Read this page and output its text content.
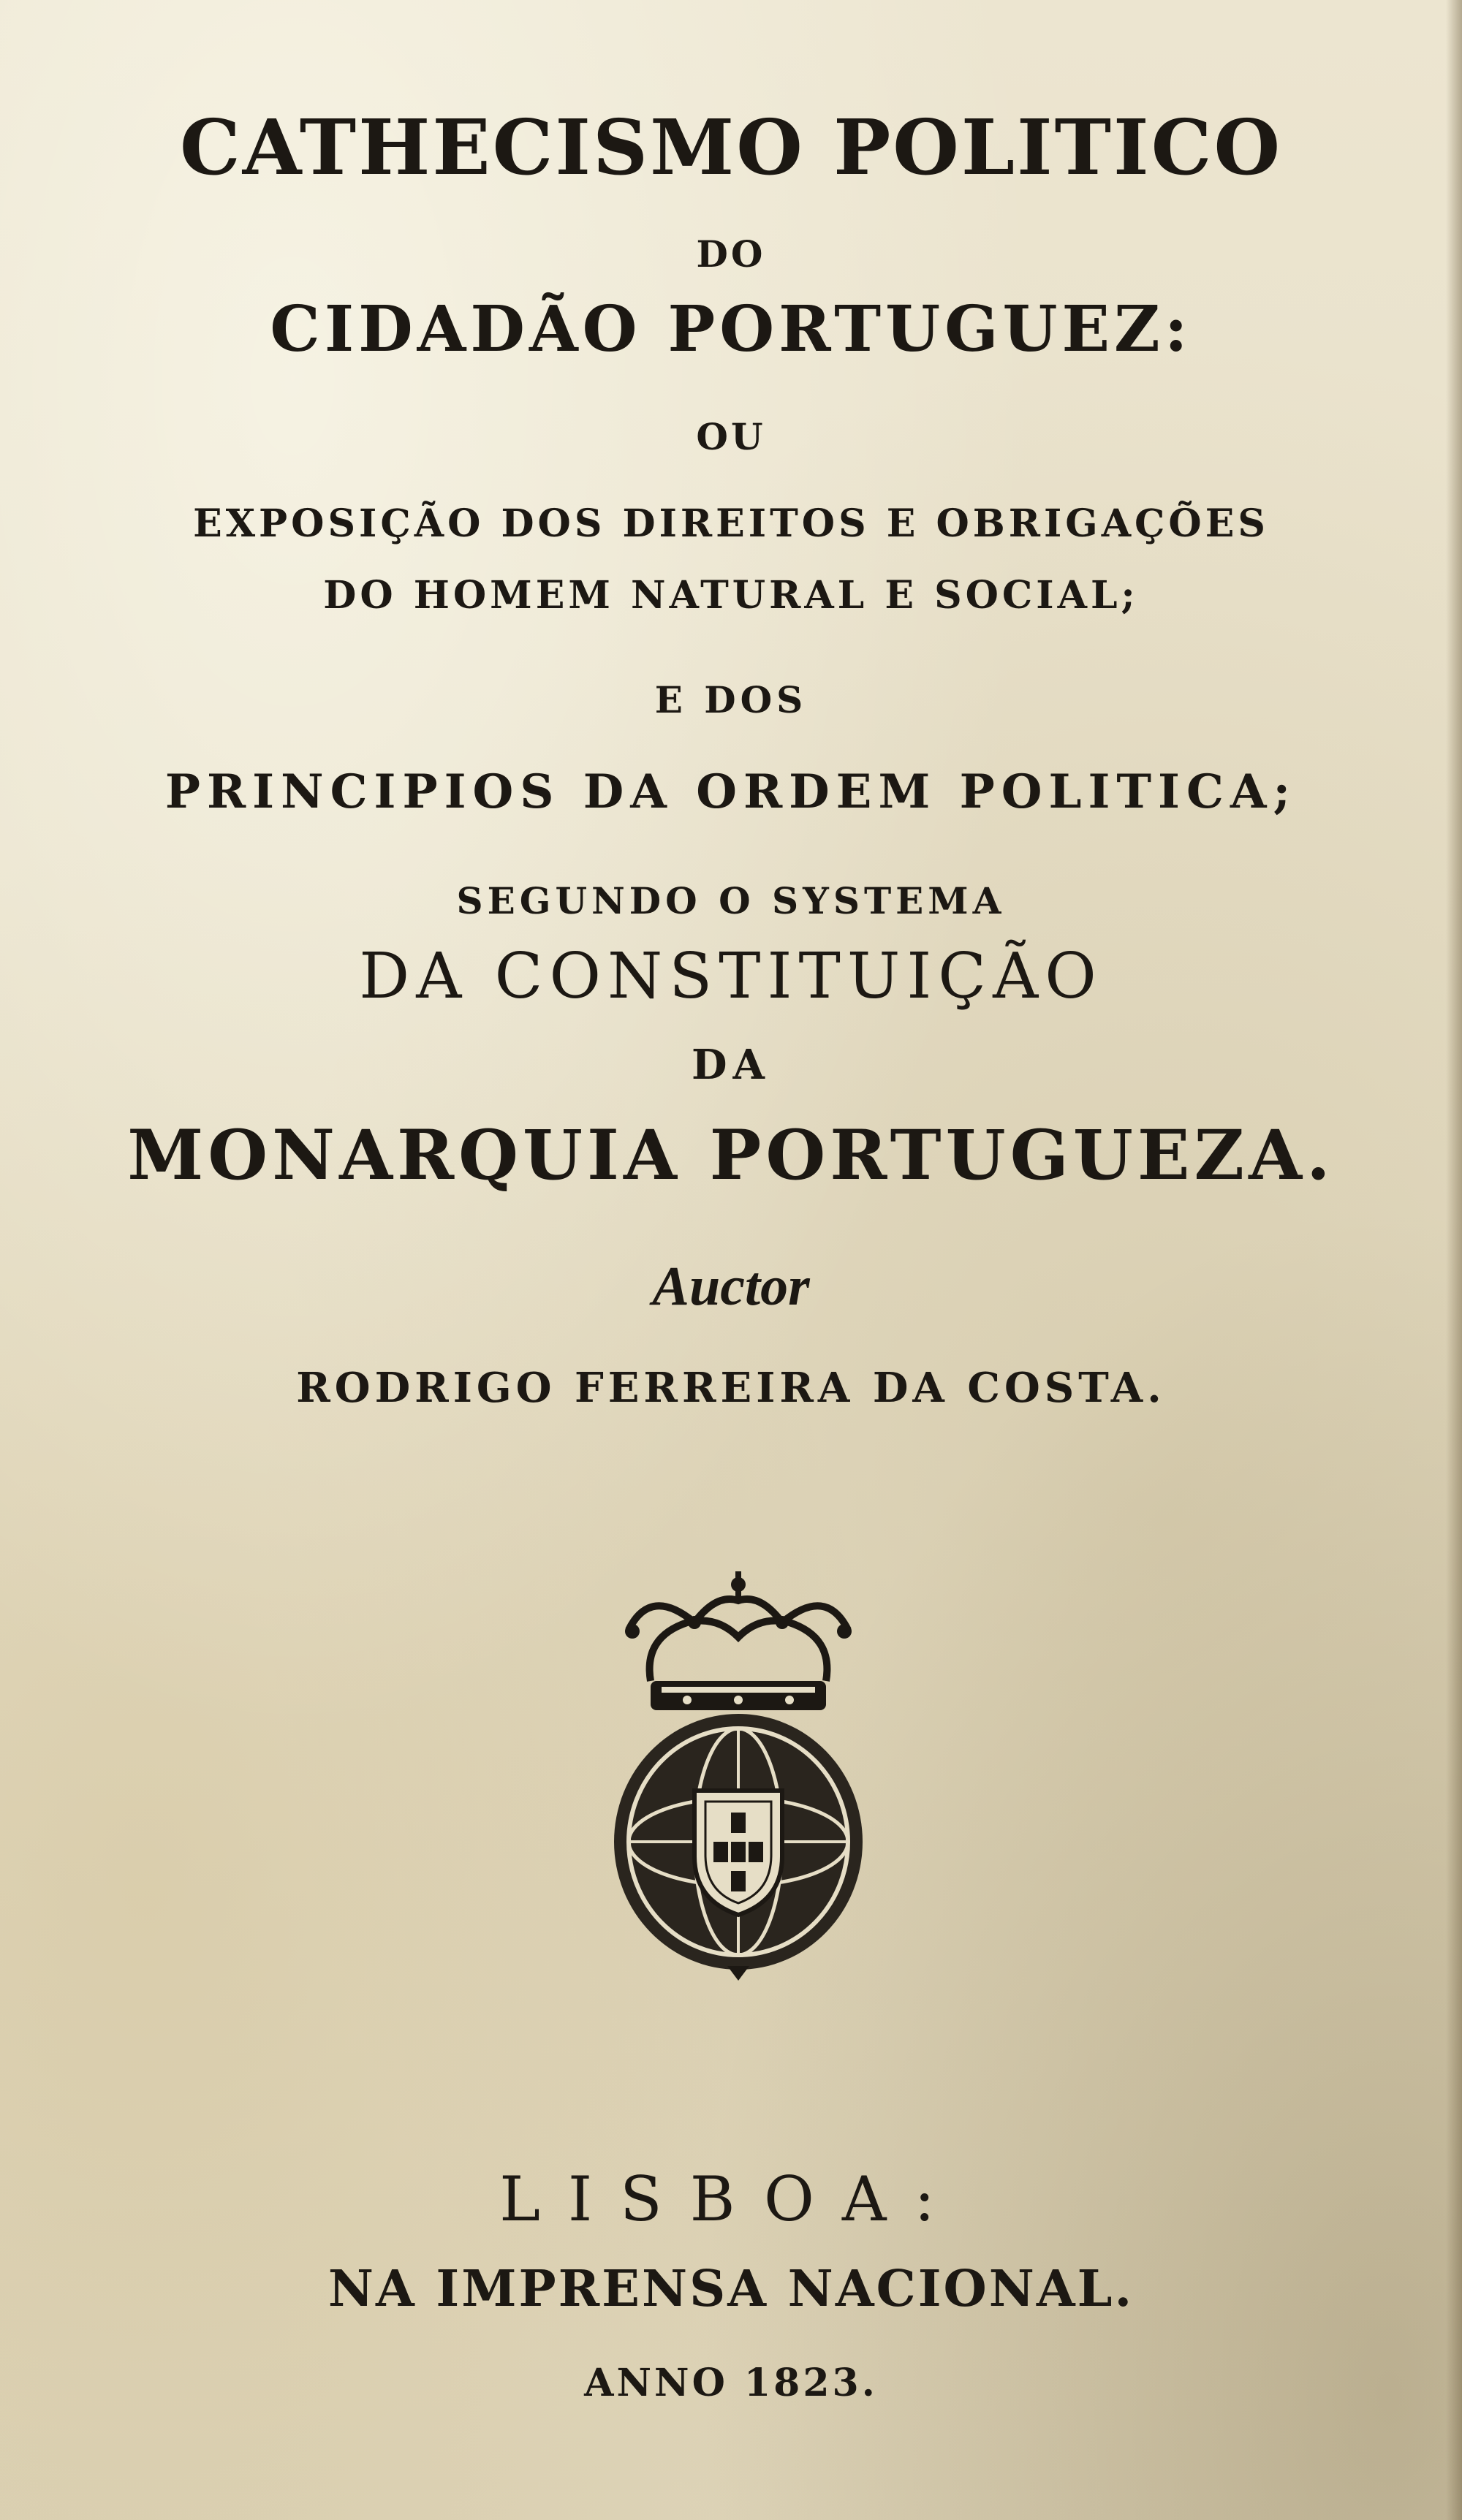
CATHECISMO POLITICO
DO
CIDADÃO PORTUGUEZ:
OU
EXPOSIÇÃO DOS DIREITOS E OBRIGAÇÕES
DO HOMEM NATURAL E SOCIAL;
E DOS
PRINCIPIOS DA ORDEM POLITICA;
SEGUNDO O SYSTEMA
DA CONSTITUIÇÃO
DA
MONARQUIA PORTUGUEZA.
Auctor
RODRIGO FERREIRA DA COSTA.
LISBOA:
NA IMPRENSA NACIONAL.
ANNO 1823.
